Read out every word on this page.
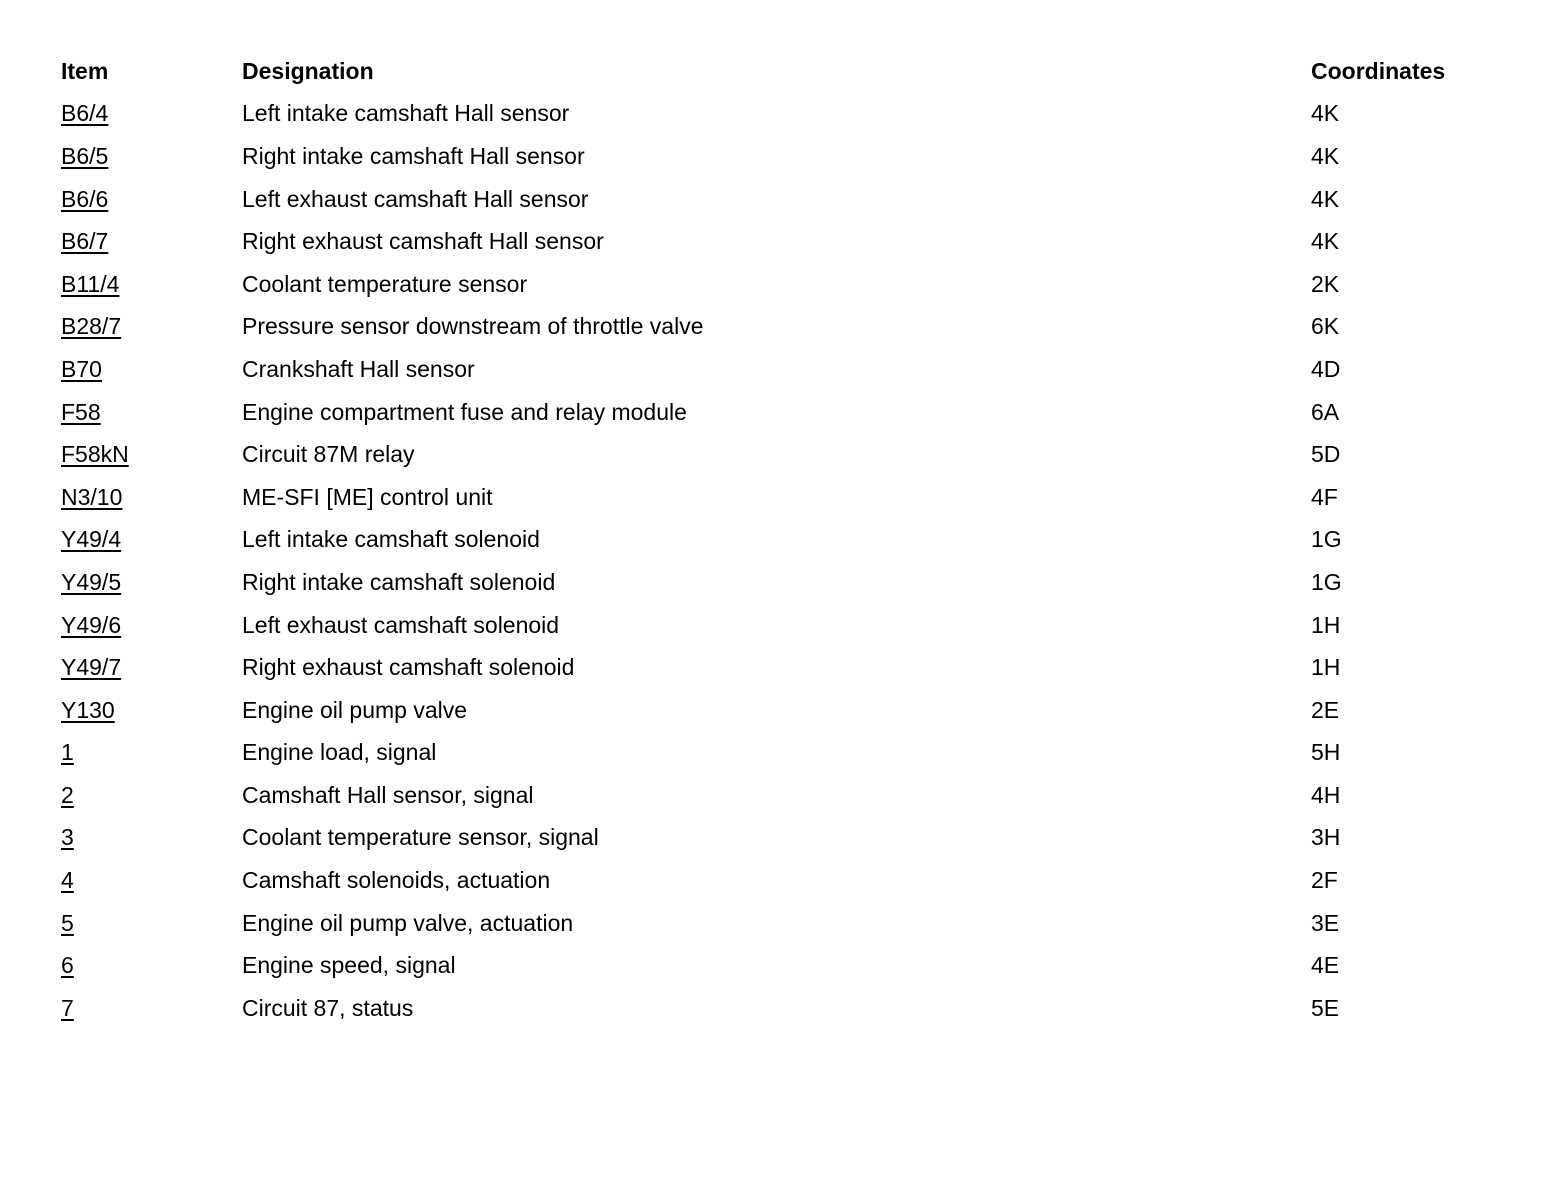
Item	Designation	Coordinates
B6/4	Left intake camshaft Hall sensor	4K
B6/5	Right intake camshaft Hall sensor	4K
B6/6	Left exhaust camshaft Hall sensor	4K
B6/7	Right exhaust camshaft Hall sensor	4K
B11/4	Coolant temperature sensor	2K
B28/7	Pressure sensor downstream of throttle valve	6K
B70	Crankshaft Hall sensor	4D
F58	Engine compartment fuse and relay module	6A
F58kN	Circuit 87M relay	5D
N3/10	ME-SFI [ME] control unit	4F
Y49/4	Left intake camshaft solenoid	1G
Y49/5	Right intake camshaft solenoid	1G
Y49/6	Left exhaust camshaft solenoid	1H
Y49/7	Right exhaust camshaft solenoid	1H
Y130	Engine oil pump valve	2E
1	Engine load, signal	5H
2	Camshaft Hall sensor, signal	4H
3	Coolant temperature sensor, signal	3H
4	Camshaft solenoids, actuation	2F
5	Engine oil pump valve, actuation	3E
6	Engine speed, signal	4E
7	Circuit 87, status	5E
